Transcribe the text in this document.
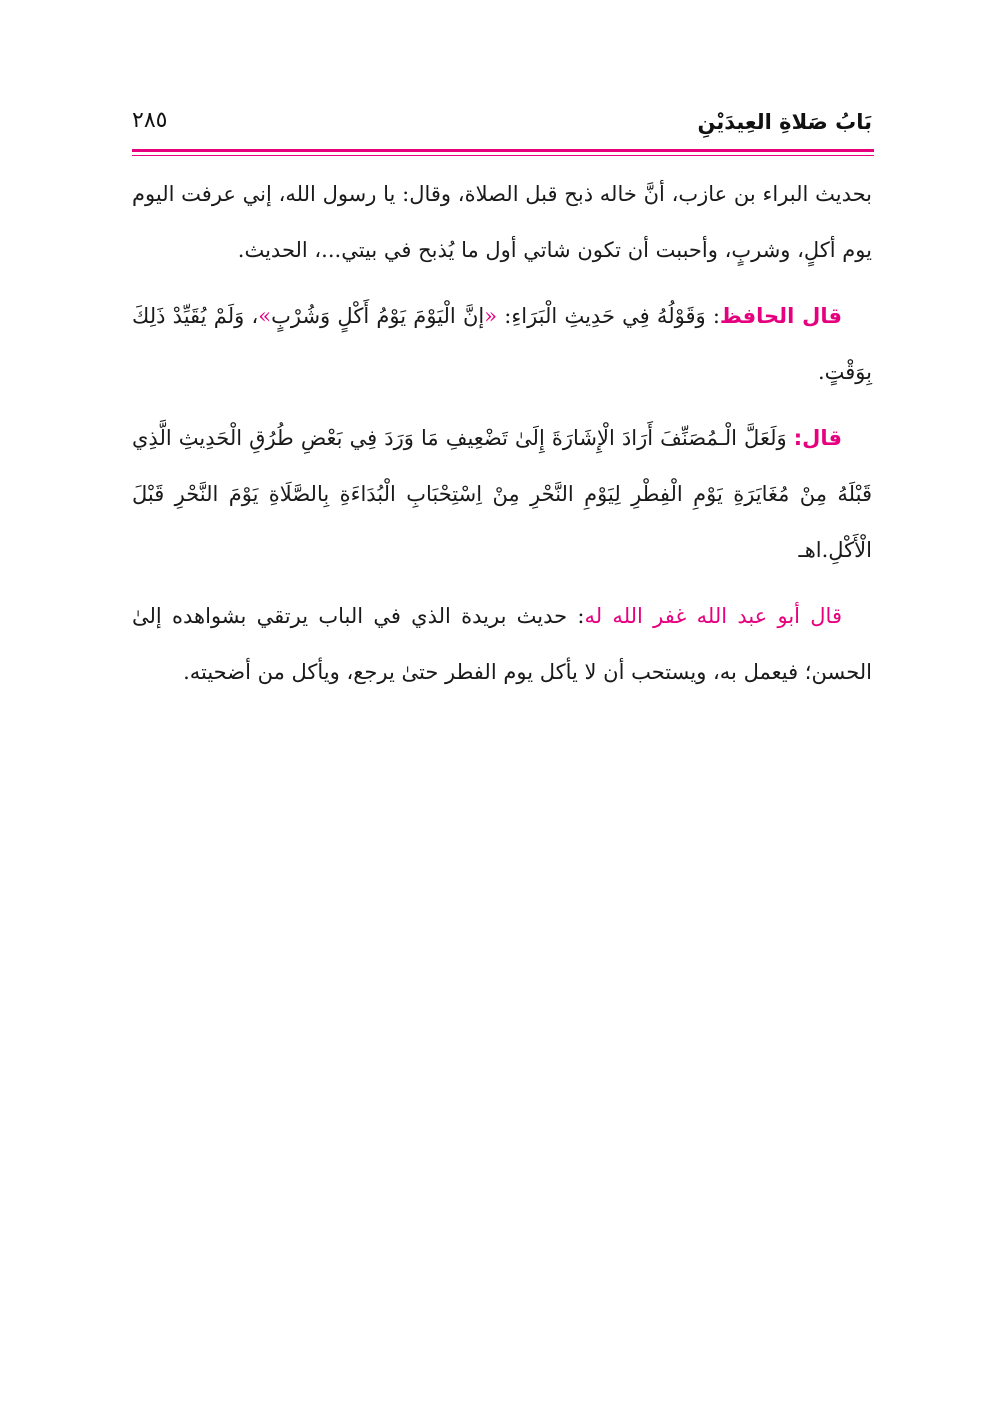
بَابُ صَلاةِ العِيدَيْنِ
٢٨٥

بحديث البراء بن عازب، أنَّ خاله ذبح قبل الصلاة، وقال: يا رسول الله، إني عرفت اليوم يوم أكلٍ، وشربٍ، وأحببت أن تكون شاتي أول ما يُذبح في بيتي...، الحديث.

قال الحافظ: وَقَوْلُهُ فِي حَدِيثِ الْبَرَاءِ: «إنَّ الْيَوْمَ يَوْمُ أَكْلٍ وَشُرْبٍ»، وَلَمْ يُقَيِّدْ ذَلِكَ بِوَقْتٍ.

قال: وَلَعَلَّ الْـمُصَنِّفَ أَرَادَ الْإِشَارَةَ إِلَىٰ تَضْعِيفِ مَا وَرَدَ فِي بَعْضِ طُرُقِ الْحَدِيثِ الَّذِي قَبْلَهُ مِنْ مُغَايَرَةِ يَوْمِ الْفِطْرِ لِيَوْمِ النَّحْرِ مِنْ اِسْتِحْبَابِ الْبُدَاءَةِ بِالصَّلَاةِ يَوْمَ النَّحْرِ قَبْلَ الْأَكْلِ.اهـ

قال أبو عبد الله غفر الله له: حديث بريدة الذي في الباب يرتقي بشواهده إلىٰ الحسن؛ فيعمل به، ويستحب أن لا يأكل يوم الفطر حتىٰ يرجع، ويأكل من أضحيته.
